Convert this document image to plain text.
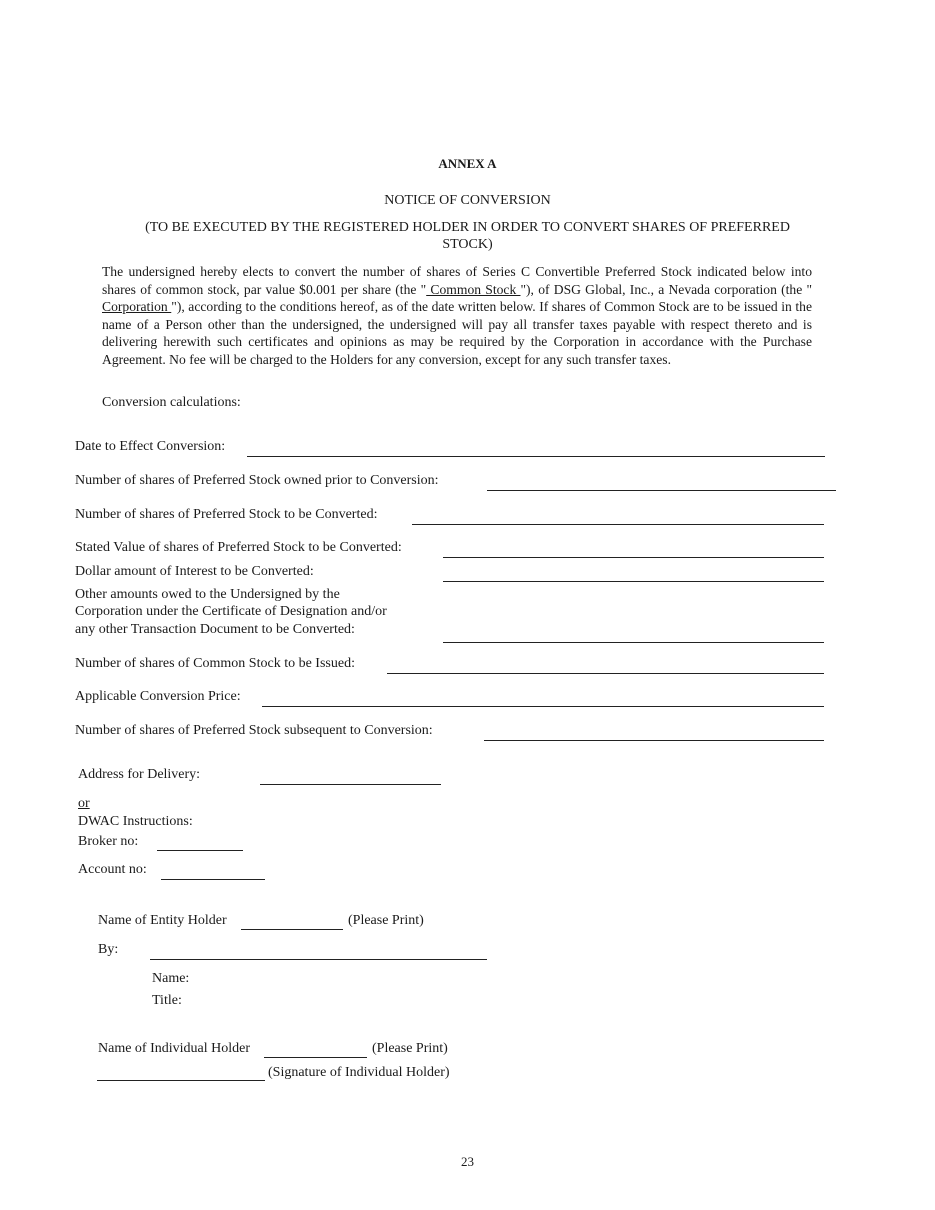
ANNEX A
NOTICE OF CONVERSION
(TO BE EXECUTED BY THE REGISTERED HOLDER IN ORDER TO CONVERT SHARES OF PREFERRED
STOCK)
The undersigned hereby elects to convert the number of shares of Series C Convertible Preferred Stock indicated below into shares of common stock, par value $0.001 per share (the " Common Stock "), of DSG Global, Inc., a Nevada corporation (the " Corporation "), according to the conditions hereof, as of the date written below. If shares of Common Stock are to be issued in the name of a Person other than the undersigned, the undersigned will pay all transfer taxes payable with respect thereto and is delivering herewith such certificates and opinions as may be required by the Corporation in accordance with the Purchase Agreement. No fee will be charged to the Holders for any conversion, except for any such transfer taxes.
Conversion calculations:
Date to Effect Conversion:
Number of shares of Preferred Stock owned prior to Conversion:
Number of shares of Preferred Stock to be Converted:
Stated Value of shares of Preferred Stock to be Converted:
Dollar amount of Interest to be Converted:
Other amounts owed to the Undersigned by the
Corporation under the Certificate of Designation and/or
any other Transaction Document to be Converted:
Number of shares of Common Stock to be Issued:
Applicable Conversion Price:
Number of shares of Preferred Stock subsequent to Conversion:
Address for Delivery:
or
DWAC Instructions:
Broker no:
Account no:
Name of Entity Holder	(Please Print)
By:
Name:
Title:
Name of Individual Holder	(Please Print)
(Signature of Individual Holder)
23
